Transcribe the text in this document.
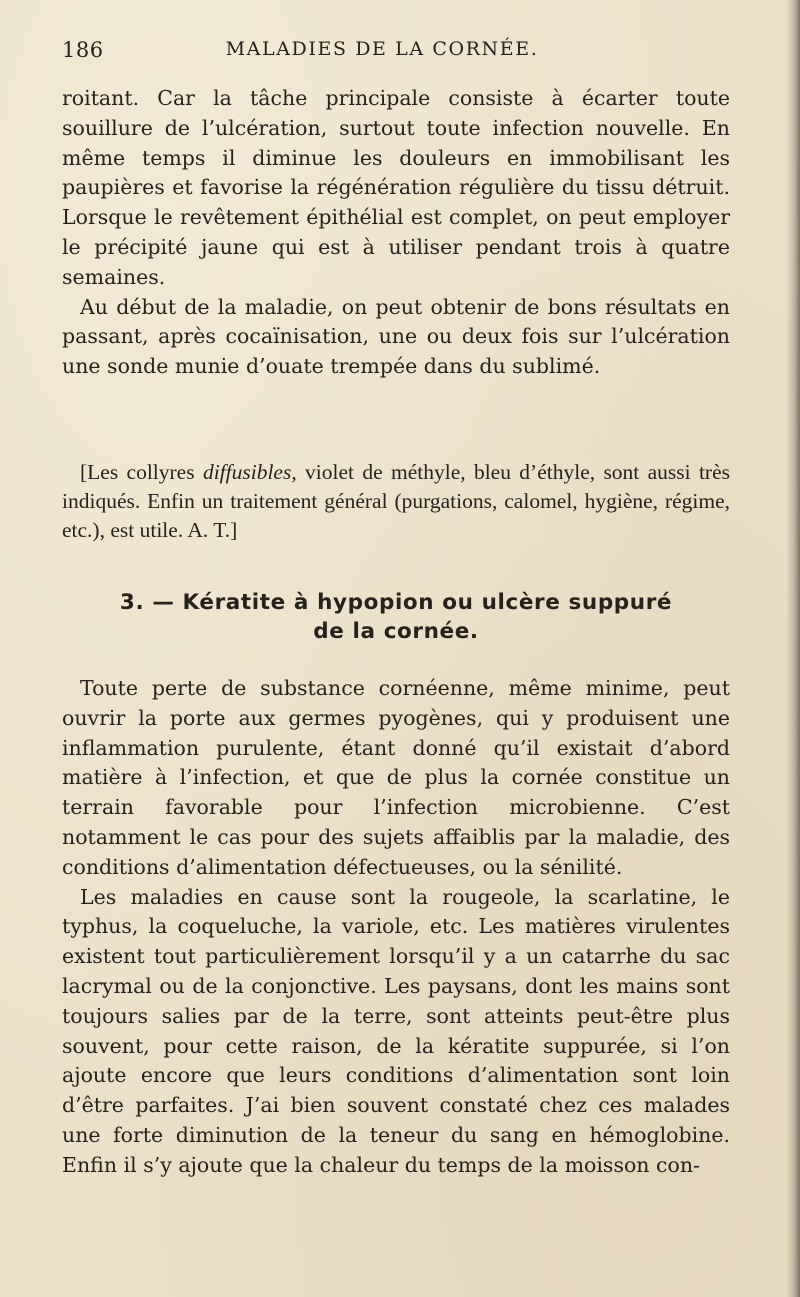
186	MALADIES DE LA CORNÉE.

roitant. Car la tâche principale consiste à écarter toute souillure de l’ulcération, surtout toute infection nouvelle. En même temps il diminue les douleurs en immobilisant les paupières et favorise la régénération régulière du tissu détruit. Lorsque le revêtement épithélial est complet, on peut employer le précipité jaune qui est à utiliser pendant trois à quatre semaines.

Au début de la maladie, on peut obtenir de bons résultats en passant, après cocaïnisation, une ou deux fois sur l’ulcération une sonde munie d’ouate trempée dans du sublimé.

[Les collyres diffusibles, violet de méthyle, bleu d’éthyle, sont aussi très indiqués. Enfin un traitement général (purgations, calomel, hygiène, régime, etc.), est utile. A. T.]

3. — Kératite à hypopion ou ulcère suppuré
de la cornée.

Toute perte de substance cornéenne, même minime, peut ouvrir la porte aux germes pyogènes, qui y produisent une inflammation purulente, étant donné qu’il existait d’abord matière à l’infection, et que de plus la cornée constitue un terrain favorable pour l’infection microbienne. C’est notamment le cas pour des sujets affaiblis par la maladie, des conditions d’alimentation défectueuses, ou la sénilité.

Les maladies en cause sont la rougeole, la scarlatine, le typhus, la coqueluche, la variole, etc. Les matières virulentes existent tout particulièrement lorsqu’il y a un catarrhe du sac lacrymal ou de la conjonctive. Les paysans, dont les mains sont toujours salies par de la terre, sont atteints peut-être plus souvent, pour cette raison, de la kératite suppurée, si l’on ajoute encore que leurs conditions d’alimentation sont loin d’être parfaites. J’ai bien souvent constaté chez ces malades une forte diminution de la teneur du sang en hémoglobine. Enfin il s’y ajoute que la chaleur du temps de la moisson con-
